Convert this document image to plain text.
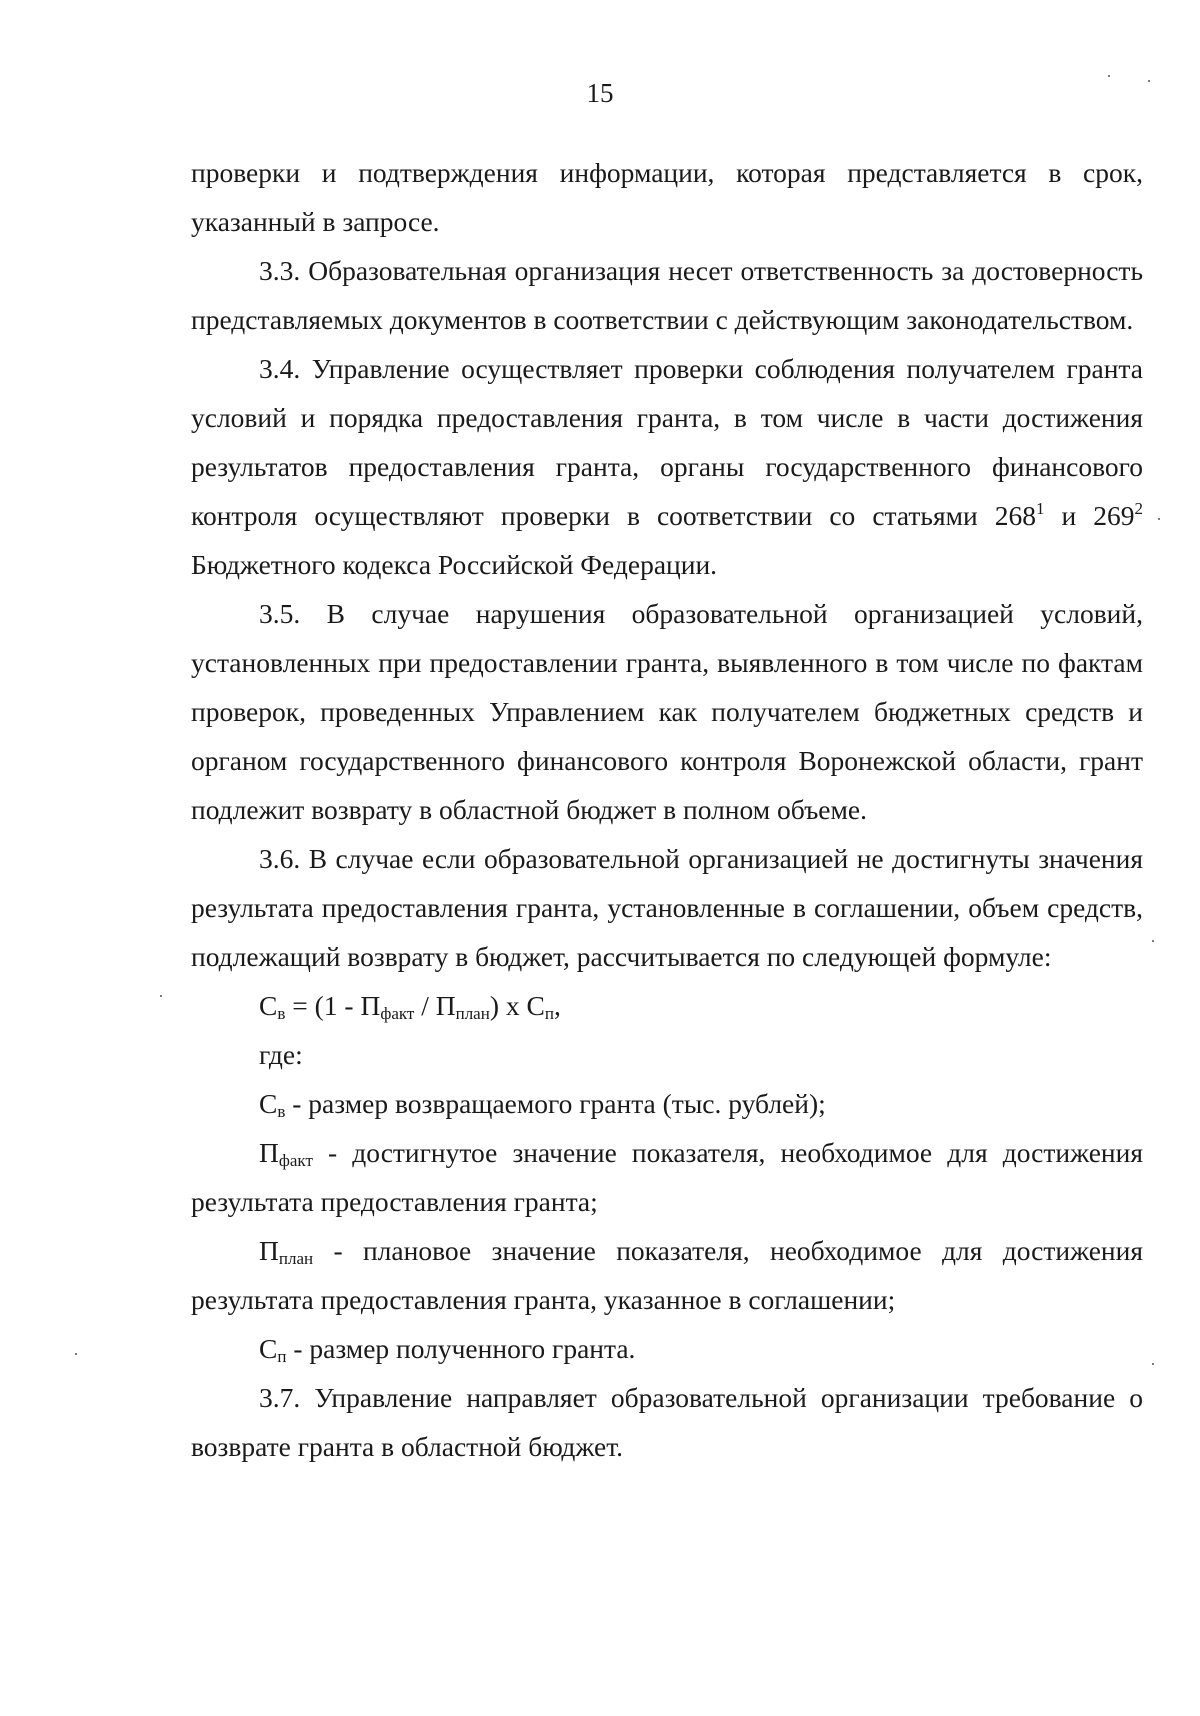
15

проверки и подтверждения информации, которая представляется в срок, указанный в запросе.

3.3. Образовательная организация несет ответственность за достоверность представляемых документов в соответствии с действующим законодательством.

3.4. Управление осуществляет проверки соблюдения получателем гранта условий и порядка предоставления гранта, в том числе в части достижения результатов предоставления гранта, органы государственного финансового контроля осуществляют проверки в соответствии со статьями $268^1$ и $269^2$ Бюджетного кодекса Российской Федерации.

3.5. В случае нарушения образовательной организацией условий, установленных при предоставлении гранта, выявленного в том числе по фактам проверок, проведенных Управлением как получателем бюджетных средств и органом государственного финансового контроля Воронежской области, грант подлежит возврату в областной бюджет в полном объеме.

3.6. В случае если образовательной организацией не достигнуты значения результата предоставления гранта, установленные в соглашении, объем средств, подлежащий возврату в бюджет, рассчитывается по следующей формуле:

$С_в = (1 - П_{факт} / П_{план})$ x $С_п$,

где:

$С_в$ - размер возвращаемого гранта (тыс. рублей);

$П_{факт}$ - достигнутое значение показателя, необходимое для достижения результата предоставления гранта;

$П_{план}$ - плановое значение показателя, необходимое для достижения результата предоставления гранта, указанное в соглашении;

$С_п$ - размер полученного гранта.

3.7. Управление направляет образовательной организации требование о возврате гранта в областной бюджет.
